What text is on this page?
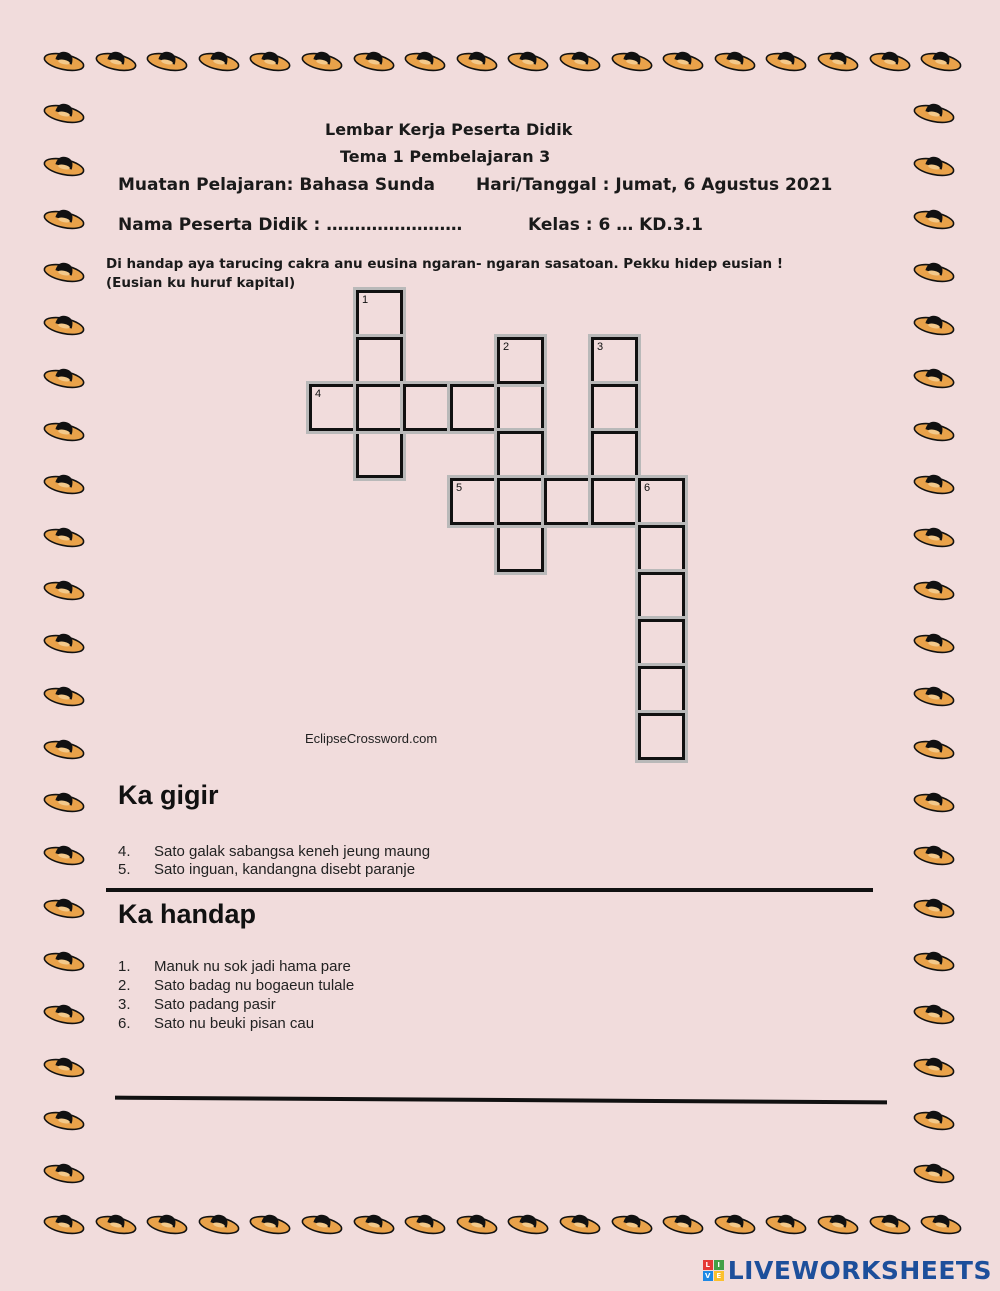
Lembar Kerja Peserta Didik
Tema 1 Pembelajaran 3
Muatan Pelajaran: Bahasa Sunda Hari/Tanggal : Jumat, 6 Agustus 2021
Nama Peserta Didik : ……………………	Kelas : 6 … KD.3.1
Di handap aya tarucing cakra anu eusina ngaran- ngaran sasatoan. Pekku hidep eusian !
(Eusian ku huruf kapital)
1
4
2	3
5	6
EclipseCrossword.com
Ka gigir
4. Sato galak sabangsa keneh jeung maung
5. Sato inguan, kandangna disebt paranje
Ka handap
1. Manuk nu sok jadi hama pare
2. Sato badag nu bogaeun tulale
3. Sato padang pasir
6. Sato nu beuki pisan cau
L	I
V E LIVEWORKSHEETS
